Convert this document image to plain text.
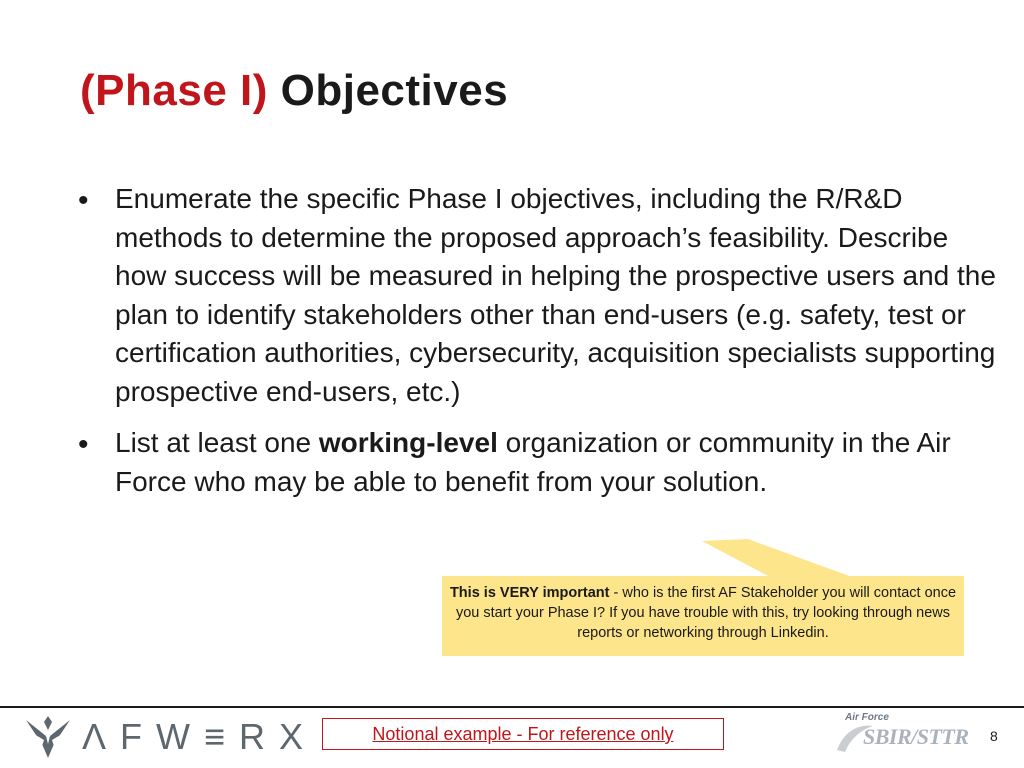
(Phase I) Objectives
• Enumerate the specific Phase I objectives, including the R/R&D methods to determine the proposed approach’s feasibility. Describe how success will be measured in helping the prospective users and the plan to identify stakeholders other than end-users (e.g. safety, test or certification authorities, cybersecurity, acquisition specialists supporting prospective end-users, etc.)
• List at least one working-level organization or community in the Air Force who may be able to benefit from your solution.
This is VERY important - who is the first AF Stakeholder you will contact once you start your Phase I? If you have trouble with this, try looking through news reports or networking through Linkedin.
ΛFW≡RX	Notional example - For reference only
Air Force
SBIR/STTR 8
